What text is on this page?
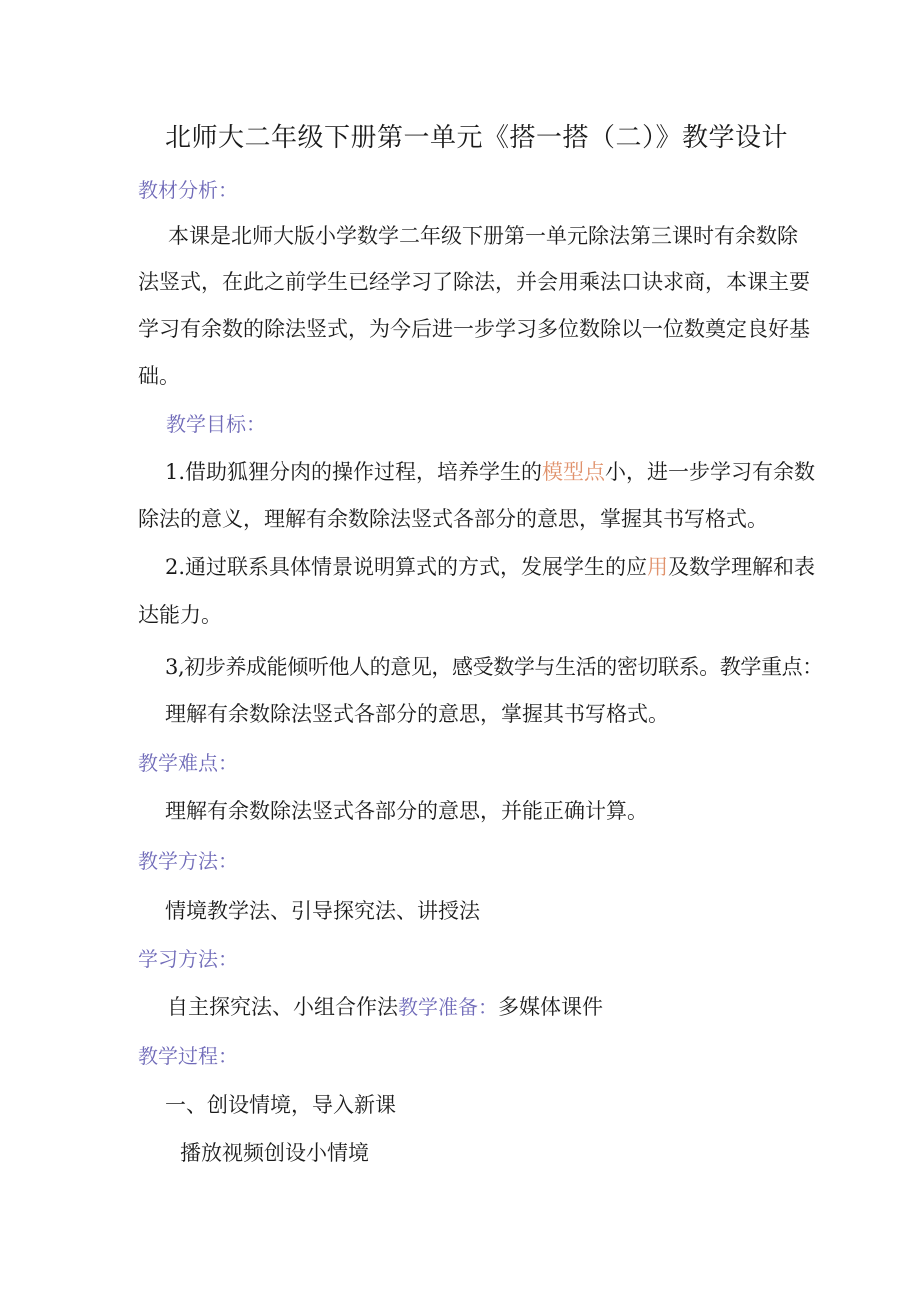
北师大二年级下册第一单元《搭一搭（二）》教学设计
教材分析：
本课是北师大版小学数学二年级下册第一单元除法第三课时有余数除
法竖式，在此之前学生已经学习了除法，并会用乘法口诀求商，本课主要
学习有余数的除法竖式，为今后进一步学习多位数除以一位数奠定良好基
础。
教学目标：
1.借助狐狸分肉的操作过程，培养学生的模型点小，进一步学习有余数
除法的意义，理解有余数除法竖式各部分的意思，掌握其书写格式。
2.通过联系具体情景说明算式的方式，发展学生的应用及数学理解和表
达能力。
3,初步养成能倾听他人的意见，感受数学与生活的密切联系。教学重点：
理解有余数除法竖式各部分的意思，掌握其书写格式。
教学难点：
理解有余数除法竖式各部分的意思，并能正确计算。
教学方法：
情境教学法、引导探究法、讲授法
学习方法：
自主探究法、小组合作法教学准备：多媒体课件
教学过程：
一、创设情境，导入新课
播放视频创设小情境
